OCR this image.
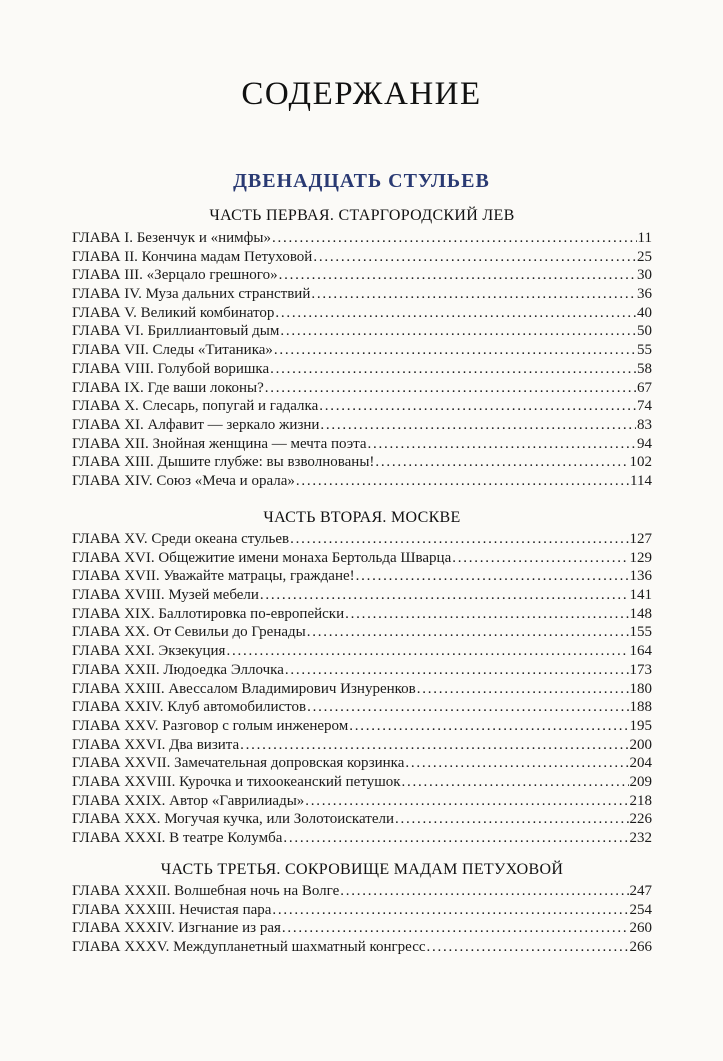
СОДЕРЖАНИЕ
ДВЕНАДЦАТЬ СТУЛЬЕВ
ЧАСТЬ ПЕРВАЯ. СТАРГОРОДСКИЙ ЛЕВ
ГЛАВА I. Безенчук и «нимфы» . . .	11
ГЛАВА II. Кончина мадам Петуховой . . .	25
ГЛАВА III. «Зерцало грешного» . . .	30
ГЛАВА IV. Муза дальних странствий . . .	36
ГЛАВА V. Великий комбинатор . . .	40
ГЛАВА VI. Бриллиантовый дым . . .	50
ГЛАВА VII. Следы «Титаника» . . .	55
ГЛАВА VIII. Голубой воришка . . .	58
ГЛАВА IX. Где ваши локоны? . . .	67
ГЛАВА X. Слесарь, попугай и гадалка . . .	74
ГЛАВА XI. Алфавит — зеркало жизни . . .	83
ГЛАВА XII. Знойная женщина — мечта поэта . . .	94
ГЛАВА XIII. Дышите глубже: вы взволнованы! . . .	102
ГЛАВА XIV. Союз «Меча и орала» . . .	114
ЧАСТЬ ВТОРАЯ. МОСКВЕ
ГЛАВА XV. Среди океана стульев . . .	127
ГЛАВА XVI. Общежитие имени монаха Бертольда Шварца . . .	129
ГЛАВА XVII. Уважайте матрацы, граждане! . . .	136
ГЛАВА XVIII. Музей мебели . . .	141
ГЛАВА XIX. Баллотировка по-европейски . . .	148
ГЛАВА XX. От Севильи до Гренады . . .	155
ГЛАВА XXI. Экзекуция . . .	164
ГЛАВА XXII. Людоедка Эллочка . . .	173
ГЛАВА XXIII. Авессалом Владимирович Изнуренков . . .	180
ГЛАВА XXIV. Клуб автомобилистов . . .	188
ГЛАВА XXV. Разговор с голым инженером . . .	195
ГЛАВА XXVI. Два визита . . .	200
ГЛАВА XXVII. Замечательная допровская корзинка . . .	204
ГЛАВА XXVIII. Курочка и тихоокеанский петушок . . .	209
ГЛАВА XXIX. Автор «Гаврилиады» . . .	218
ГЛАВА XXX. Могучая кучка, или Золотоискатели . . .	226
ГЛАВА XXXI. В театре Колумба . . .	232
ЧАСТЬ ТРЕТЬЯ. СОКРОВИЩЕ МАДАМ ПЕТУХОВОЙ
ГЛАВА XXXII. Волшебная ночь на Волге . . .	247
ГЛАВА XXXIII. Нечистая пара . . .	254
ГЛАВА XXXIV. Изгнание из рая . . .	260
ГЛАВА XXXV. Междупланетный шахматный конгресс . . .	266
